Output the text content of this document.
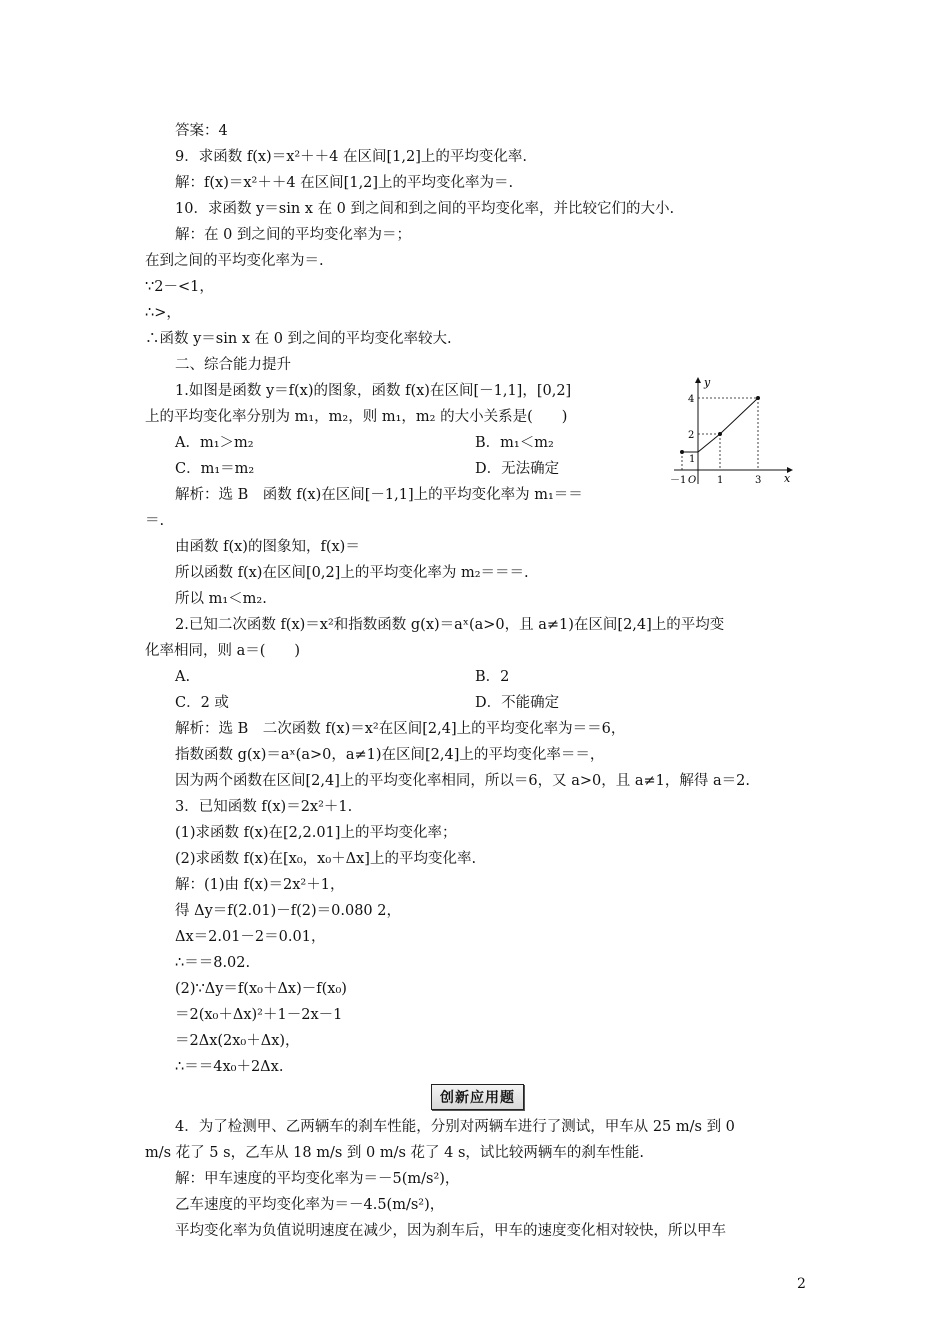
答案：4
9．求函数 f(x)＝x²＋＋4 在区间[1,2]上的平均变化率.
解：f(x)＝x²＋＋4 在区间[1,2]上的平均变化率为＝.
10．求函数 y＝sin x 在 0 到之间和到之间的平均变化率，并比较它们的大小.
解：在 0 到之间的平均变化率为＝；
在到之间的平均变化率为＝.
∵2－<1，
∴>，
∴函数 y＝sin x 在 0 到之间的平均变化率较大.
二、综合能力提升
1.如图是函数 y＝f(x)的图象，函数 f(x)在区间[－1,1]，[0,2]
上的平均变化率分别为 m₁，m₂，则 m₁，m₂ 的大小关系是(　　)
A．m₁＞m₂	B．m₁＜m₂
C．m₁＝m₂	D．无法确定
解析：选 B　函数 f(x)在区间[－1,1]上的平均变化率为 m₁＝＝
＝.
由函数 f(x)的图象知，f(x)＝
所以函数 f(x)在区间[0,2]上的平均变化率为 m₂＝＝＝.
所以 m₁＜m₂.
2.已知二次函数 f(x)＝x²和指数函数 g(x)＝aˣ(a>0，且 a≠1)在区间[2,4]上的平均变
化率相同，则 a＝(　　)
A.	B．2
C．2 或	D．不能确定
解析：选 B　二次函数 f(x)＝x²在区间[2,4]上的平均变化率为＝＝6，
指数函数 g(x)＝aˣ(a>0，a≠1)在区间[2,4]上的平均变化率＝＝，
因为两个函数在区间[2,4]上的平均变化率相同，所以＝6，又 a>0，且 a≠1，解得 a＝2.
3．已知函数 f(x)＝2x²＋1.
(1)求函数 f(x)在[2,2.01]上的平均变化率；
(2)求函数 f(x)在[x₀，x₀＋Δx]上的平均变化率.
解：(1)由 f(x)＝2x²＋1，
得 Δy＝f(2.01)－f(2)＝0.080 2，
Δx＝2.01－2＝0.01，
∴＝＝8.02.
(2)∵Δy＝f(x₀＋Δx)－f(x₀)
＝2(x₀＋Δx)²＋1－2x－1
＝2Δx(2x₀＋Δx)，
∴＝＝4x₀＋2Δx.
创新应用题
4．为了检测甲、乙两辆车的刹车性能，分别对两辆车进行了测试，甲车从 25 m/s 到 0
m/s 花了 5 s，乙车从 18 m/s 到 0 m/s 花了 4 s，试比较两辆车的刹车性能.
解：甲车速度的平均变化率为＝－5(m/s²)，
乙车速度的平均变化率为＝－4.5(m/s²)，
平均变化率为负值说明速度在减少，因为刹车后，甲车的速度变化相对较快，所以甲车
y
x
4
2
1
－1 O 1	3
2
